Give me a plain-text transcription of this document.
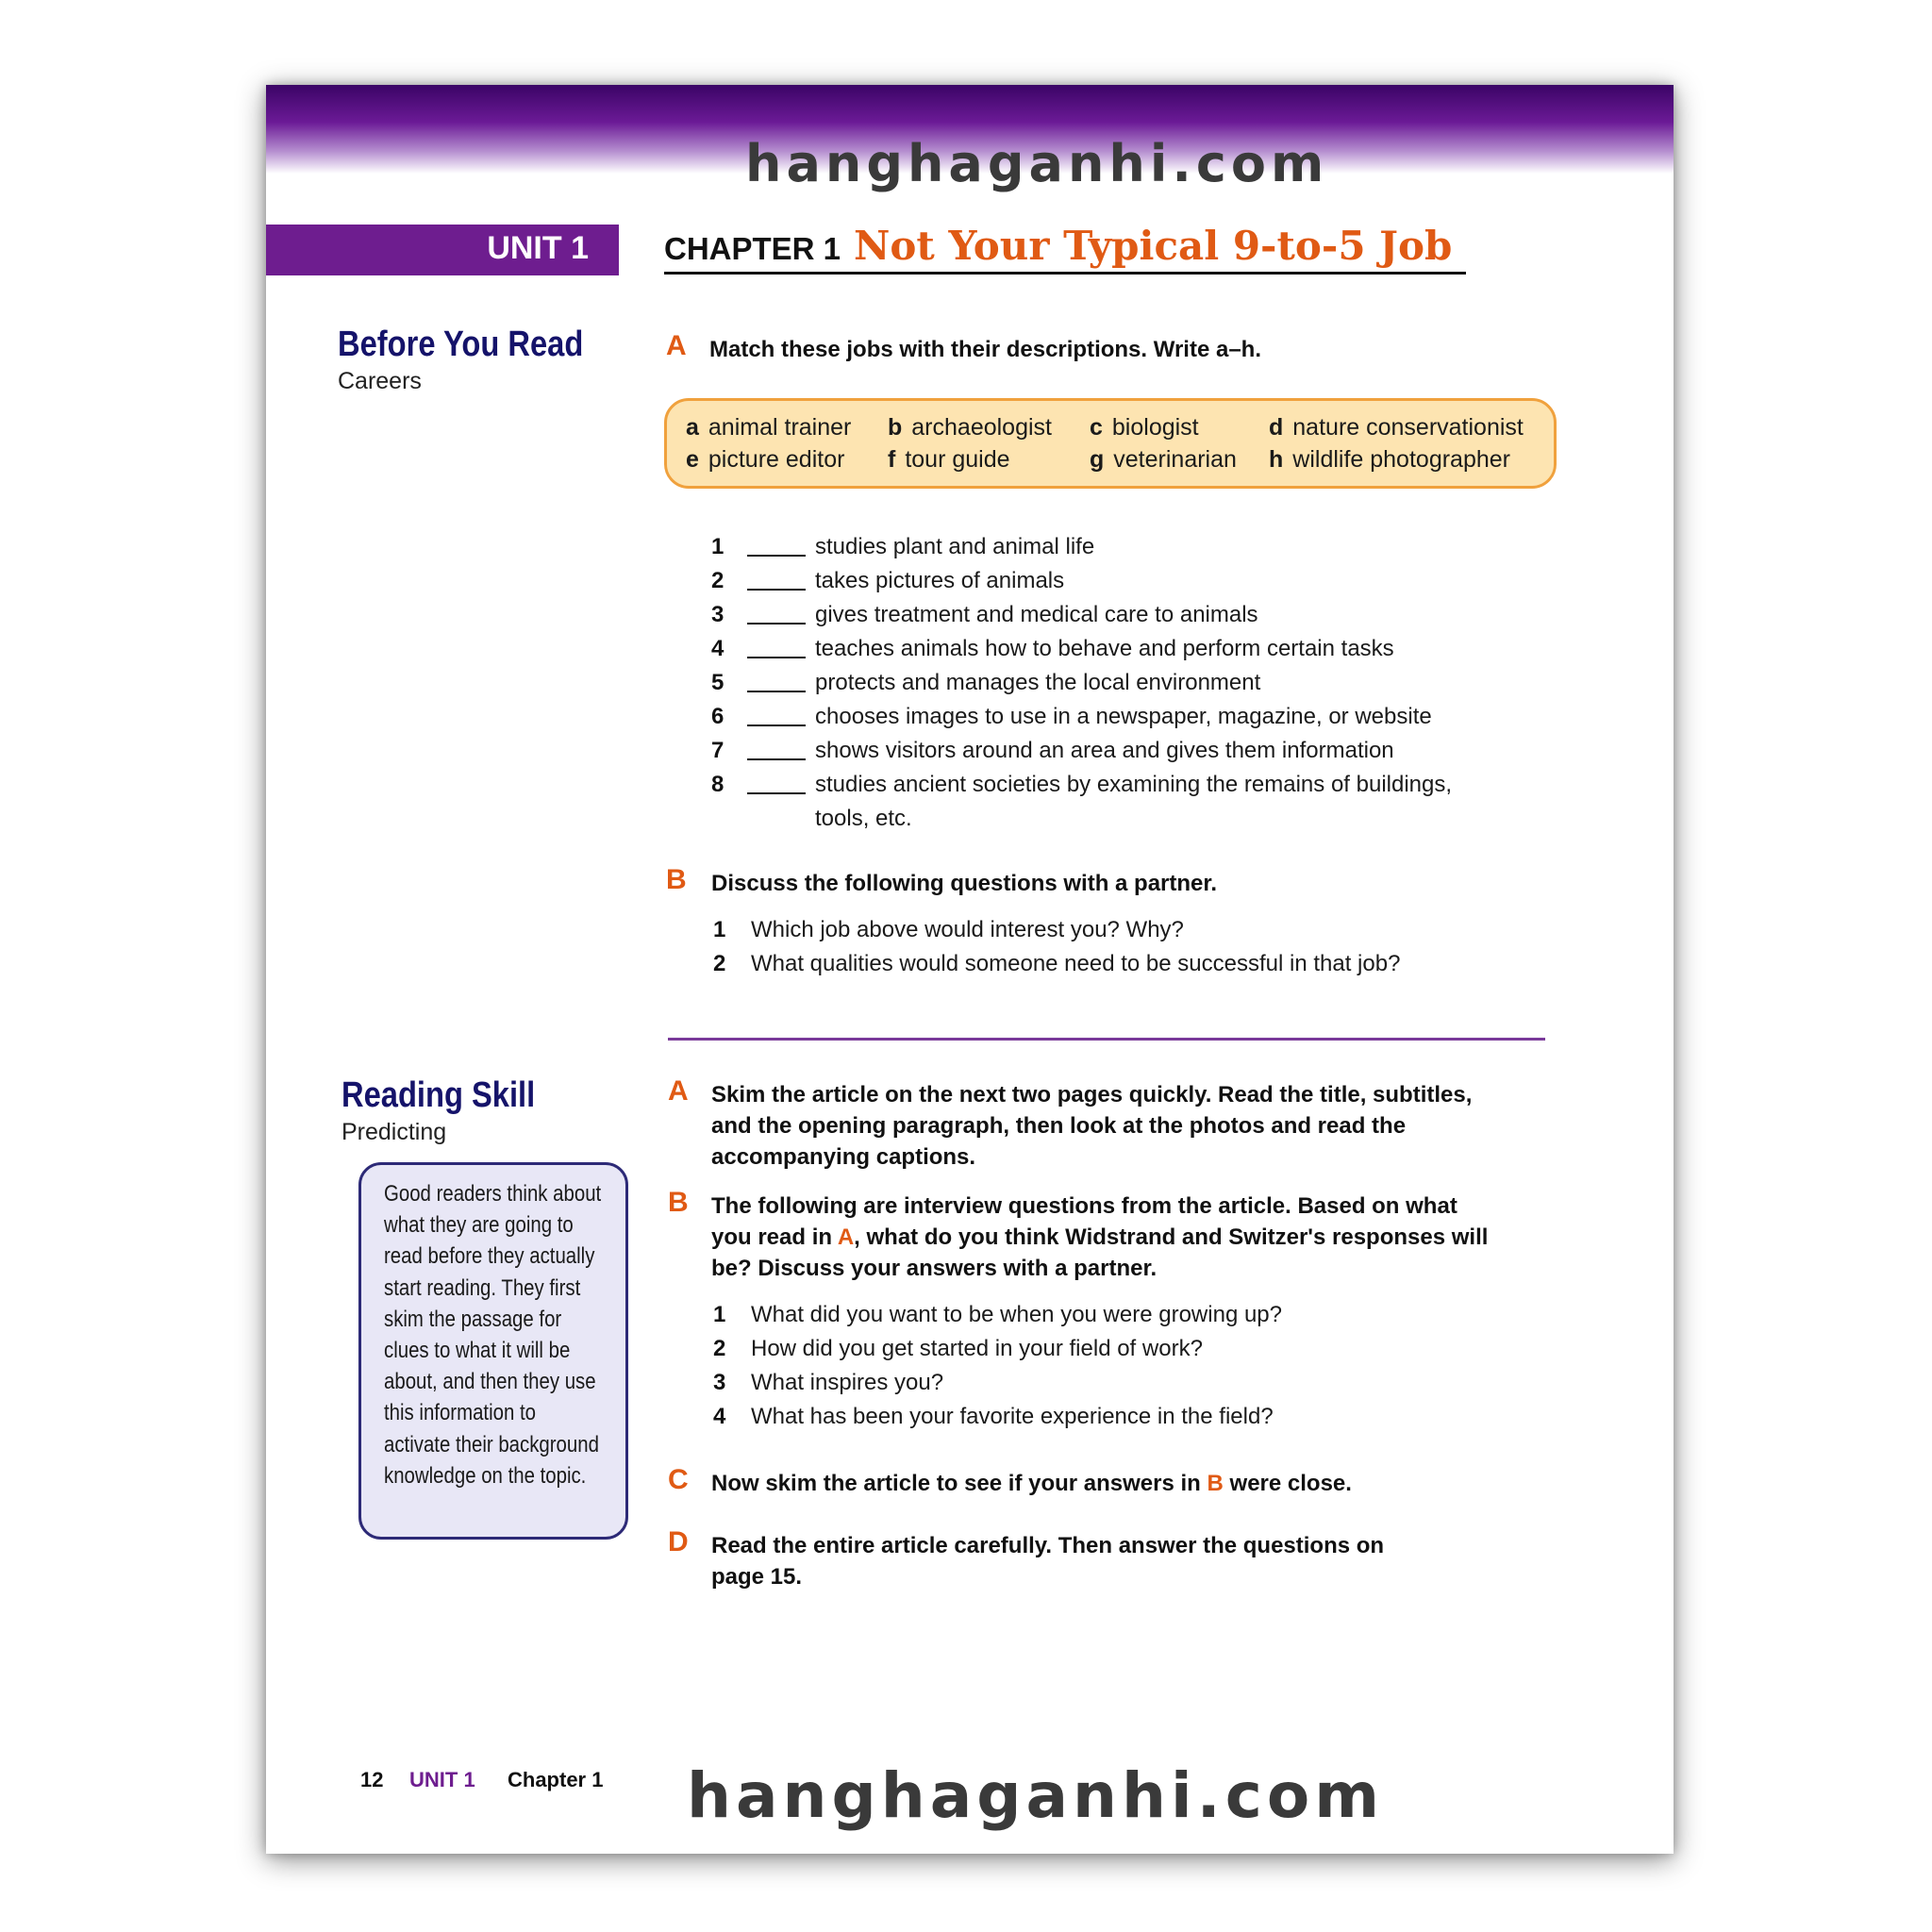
hanghaganhi.com
UNIT 1 CHAPTER 1 Not Your Typical 9-to-5 Job
Before You Read
Careers
A Match these jobs with their descriptions. Write a–h.
a animal trainer b archaeologist c biologist	d nature conservationist
e picture editor f tour guide	g veterinarian h wildlife photographer
1	studies plant and animal life
2	takes pictures of animals
3	gives treatment and medical care to animals
4	teaches animals how to behave and perform certain tasks
5	protects and manages the local environment
6	chooses images to use in a newspaper, magazine, or website
7	shows visitors around an area and gives them information
8	studies ancient societies by examining the remains of buildings,
tools, etc.
B Discuss the following questions with a partner.
1 Which job above would interest you? Why?
2 What qualities would someone need to be successful in that job?
Reading Skill
Predicting
Good readers think about what they are going to read before they actually start reading. They first skim the passage for clues to what it will be about, and then they use this information to activate their background knowledge on the topic.
A Skim the article on the next two pages quickly. Read the title, subtitles,
and the opening paragraph, then look at the photos and read the
accompanying captions.
B The following are interview questions from the article. Based on what
you read in A, what do you think Widstrand and Switzer's responses will
be? Discuss your answers with a partner.
1 What did you want to be when you were growing up?
2 How did you get started in your field of work?
3 What inspires you?
4 What has been your favorite experience in the field?
C Now skim the article to see if your answers in B were close.
D Read the entire article carefully. Then answer the questions on
page 15.
12 UNIT 1 Chapter 1 hanghaganhi.com
